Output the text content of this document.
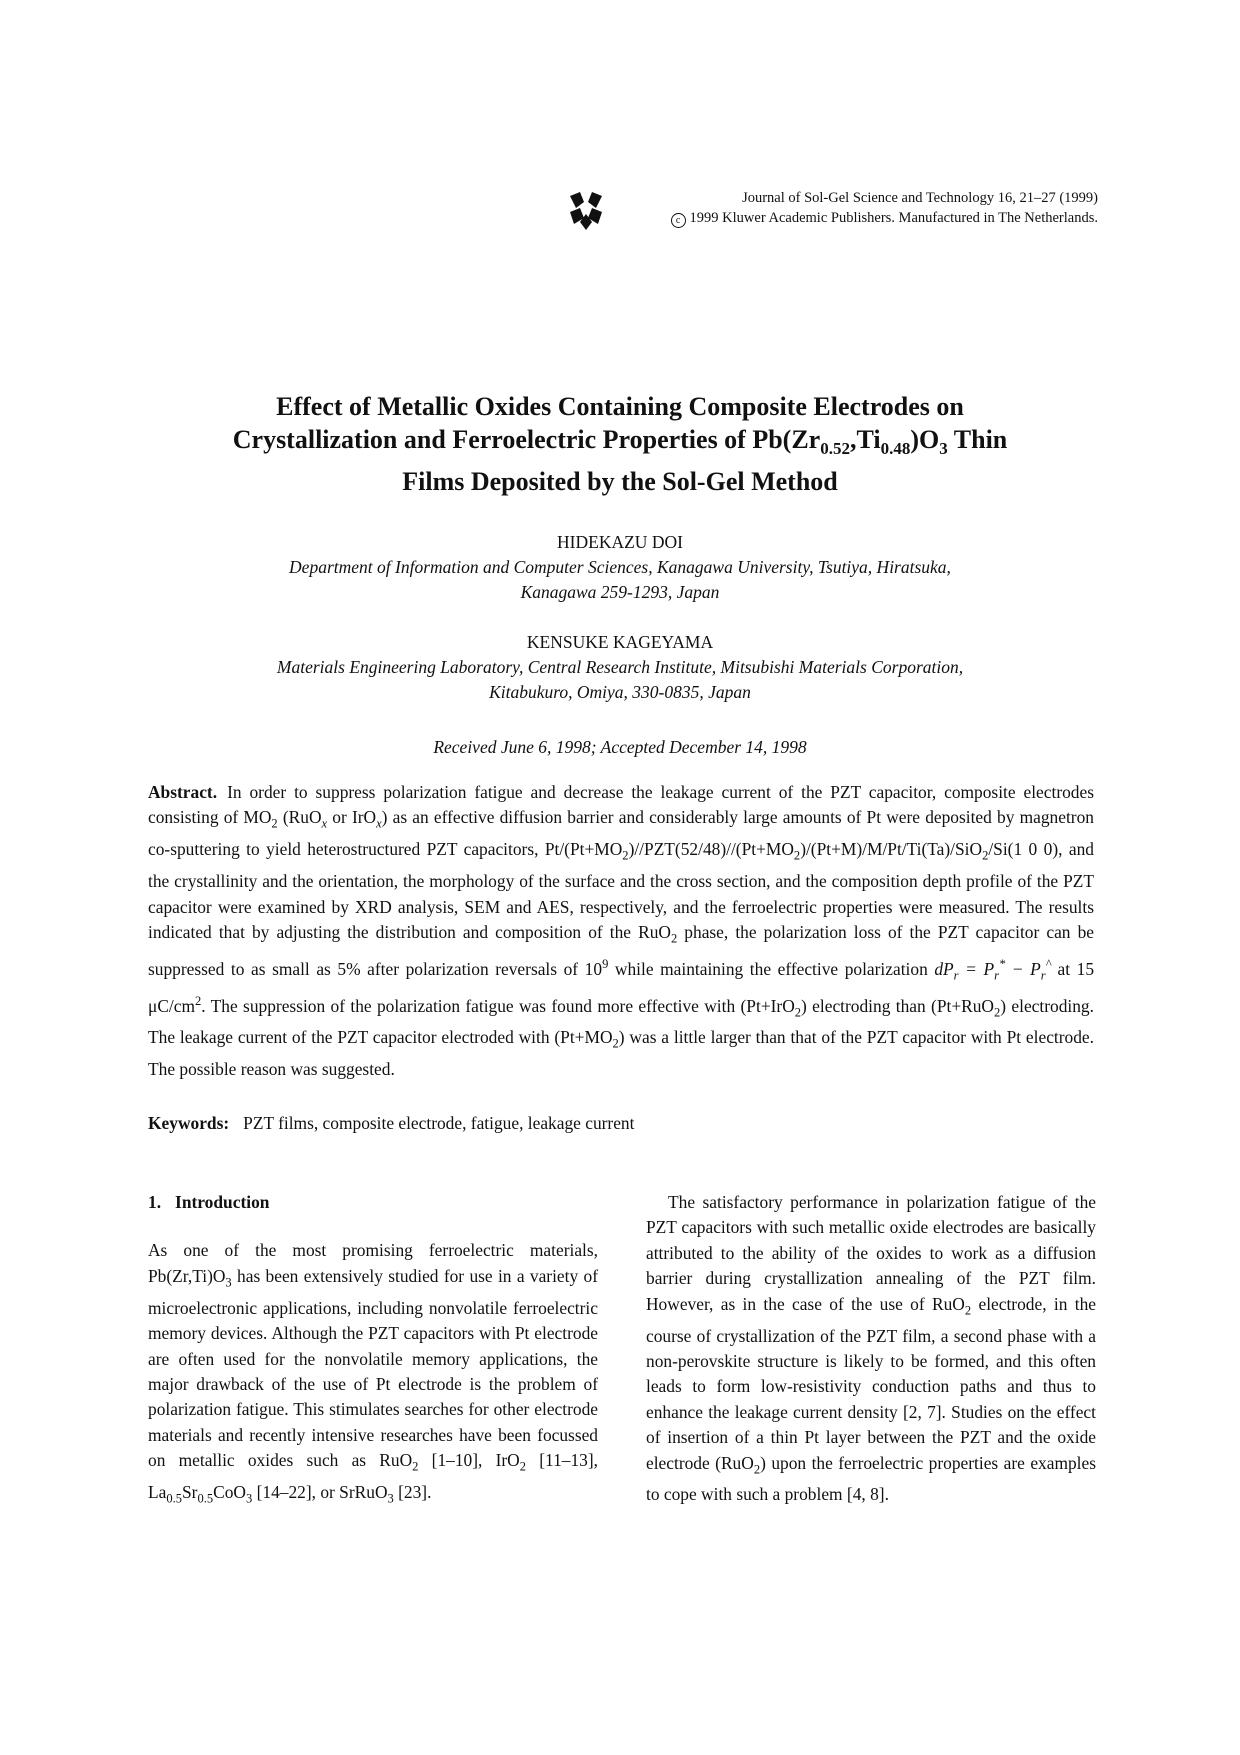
Journal of Sol-Gel Science and Technology 16, 21–27 (1999)
c 1999 Kluwer Academic Publishers. Manufactured in The Netherlands.
Effect of Metallic Oxides Containing Composite Electrodes on
Crystallization and Ferroelectric Properties of $Pb(Zr_{0.52},Ti_{0.48})O_3$ Thin
Films Deposited by the Sol-Gel Method
HIDEKAZU DOI
Department of Information and Computer Sciences, Kanagawa University, Tsutiya, Hiratsuka,
Kanagawa 259-1293, Japan
KENSUKE KAGEYAMA
Materials Engineering Laboratory, Central Research Institute, Mitsubishi Materials Corporation,
Kitabukuro, Omiya, 330-0835, Japan
Received June 6, 1998; Accepted December 14, 1998
Abstract. In order to suppress polarization fatigue and decrease the leakage current of the PZT capacitor, composite electrodes consisting of $MO_2$ (RuO$_x$ or IrO$_x$) as an effective diffusion barrier and considerably large amounts of Pt were deposited by magnetron co-sputtering to yield heterostructured PZT capacitors, $Pt/(Pt+MO_2)//PZT(52/48)//(Pt+MO_2)/(Pt+M)/M/Pt/Ti(Ta)/SiO_2/Si(1$ 0 0), and the crystallinity and the orientation, the morphology of the surface and the cross section, and the composition depth profile of the PZT capacitor were examined by XRD analysis, SEM and AES, respectively, and the ferroelectric properties were measured. The results indicated that by adjusting the distribution and composition of the RuO$_2$ phase, the polarization loss of the PZT capacitor can be suppressed to as small as 5% after polarization reversals of $10^9$ while maintaining the effective polarization $dP_r = P_r^* - P_r^{\^{}}$ at 15 $\mu C/cm^2$. The suppression of the polarization fatigue was found more effective with (Pt+IrO$_2$) electroding than (Pt+RuO$_2$) electroding. The leakage current of the PZT capacitor electroded with $(Pt+MO_2)$ was a little larger than that of the PZT capacitor with Pt electrode. The possible reason was suggested.
Keywords: PZT films, composite electrode, fatigue, leakage current
1. Introduction
As one of the most promising ferroelectric materials, $Pb(Zr,Ti)O_3$ has been extensively studied for use in a variety of microelectronic applications, including nonvolatile ferroelectric memory devices. Although the PZT capacitors with Pt electrode are often used for the nonvolatile memory applications, the major drawback of the use of Pt electrode is the problem of polarization fatigue. This stimulates searches for other electrode materials and recently intensive researches have been focussed on metallic oxides such as RuO$_2$ [1–10], IrO$_2$ [11–13], $La_{0.5}Sr_{0.5}CoO_3$ [14–22], or SrRuO$_3$ [23].
The satisfactory performance in polarization fatigue of the PZT capacitors with such metallic oxide electrodes are basically attributed to the ability of the oxides to work as a diffusion barrier during crystallization annealing of the PZT film. However, as in the case of the use of RuO$_2$ electrode, in the course of crystallization of the PZT film, a second phase with a non-perovskite structure is likely to be formed, and this often leads to form low-resistivity conduction paths and thus to enhance the leakage current density [2, 7]. Studies on the effect of insertion of a thin Pt layer between the PZT and the oxide electrode (RuO$_2$) upon the ferroelectric properties are examples to cope with such a problem [4, 8].
